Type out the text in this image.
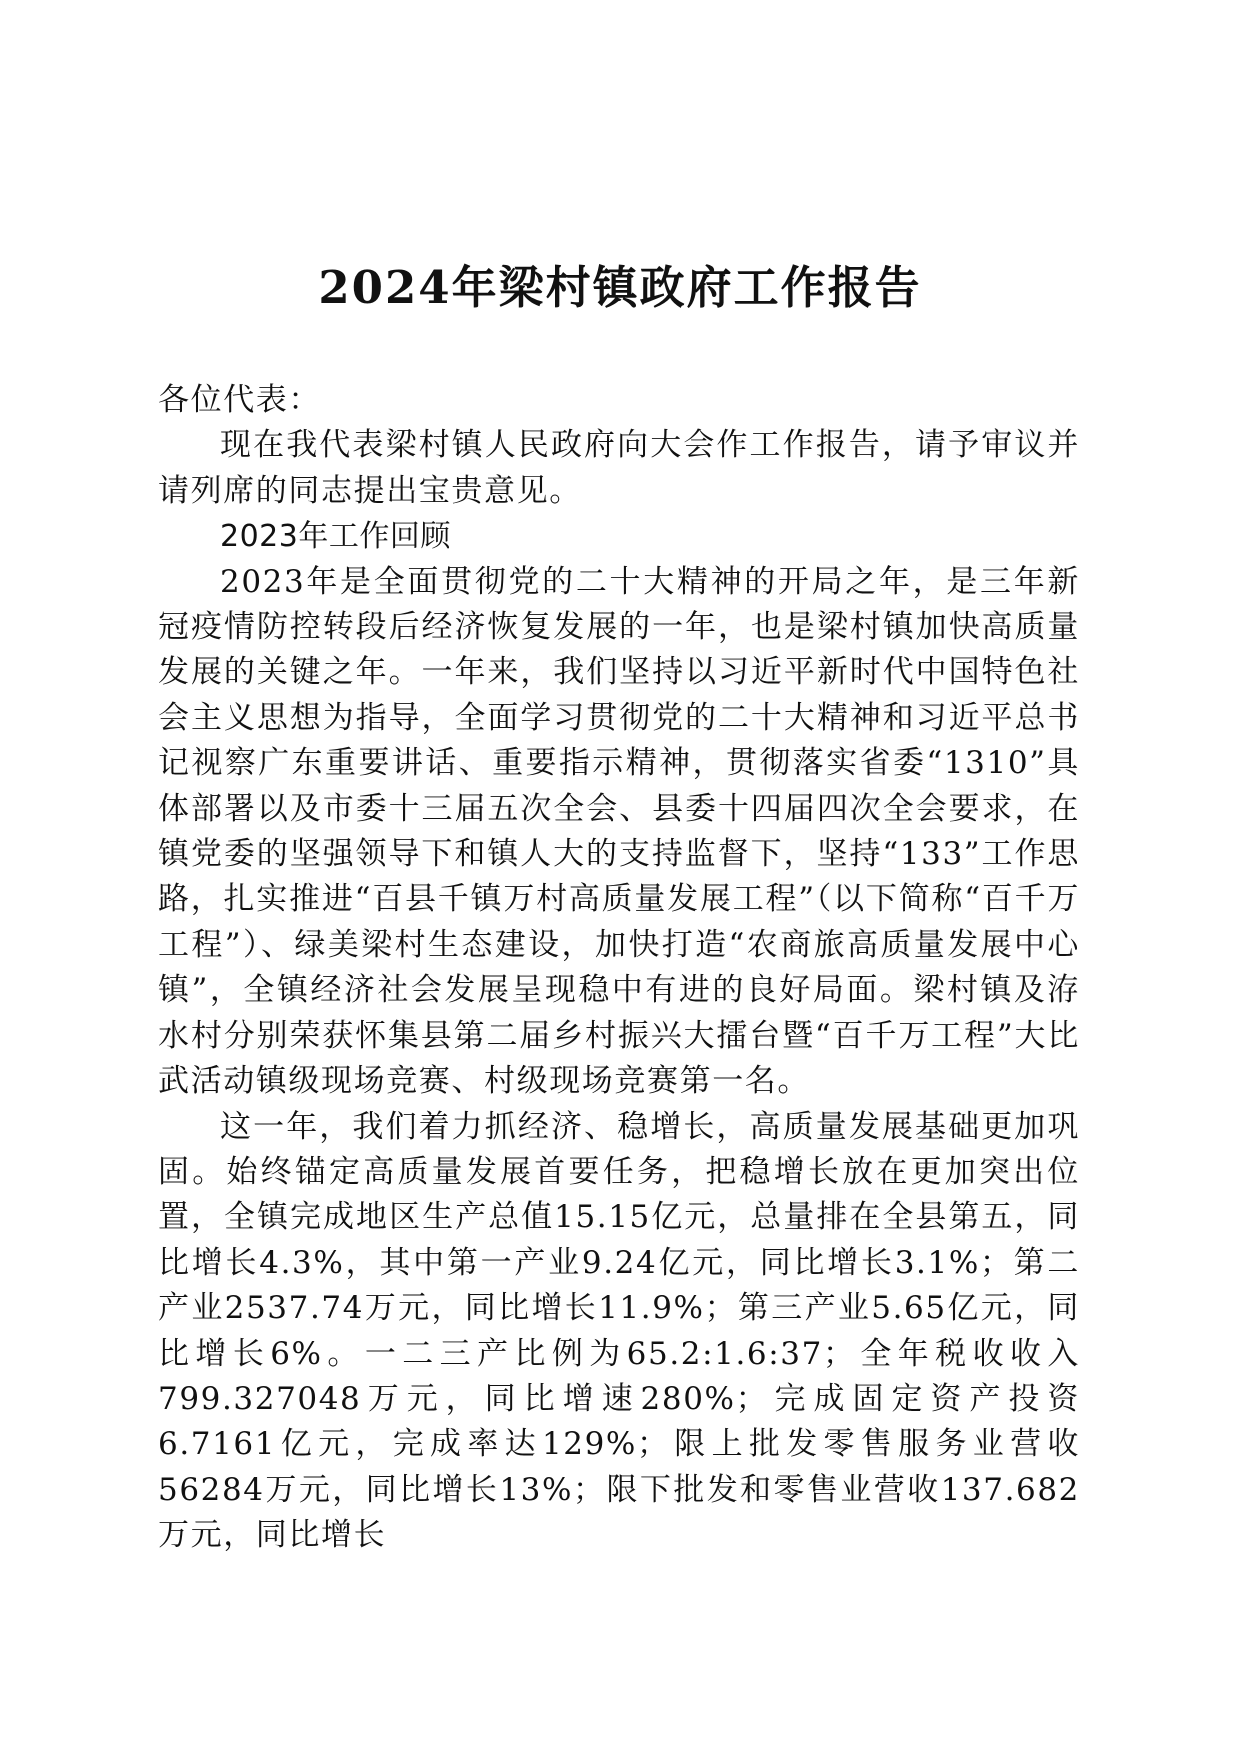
2024年梁村镇政府工作报告

各位代表：

现在我代表梁村镇人民政府向大会作工作报告，请予审议并请列席的同志提出宝贵意见。

2023年工作回顾

2023年是全面贯彻党的二十大精神的开局之年，是三年新冠疫情防控转段后经济恢复发展的一年，也是梁村镇加快高质量发展的关键之年。一年来，我们坚持以习近平新时代中国特色社会主义思想为指导，全面学习贯彻党的二十大精神和习近平总书记视察广东重要讲话、重要指示精神，贯彻落实省委“1310”具体部署以及市委十三届五次全会、县委十四届四次全会要求，在镇党委的坚强领导下和镇人大的支持监督下，坚持“133”工作思路，扎实推进“百县千镇万村高质量发展工程”（以下简称“百千万工程”）、绿美梁村生态建设，加快打造“农商旅高质量发展中心镇”，全镇经济社会发展呈现稳中有进的良好局面。梁村镇及洊水村分别荣获怀集县第二届乡村振兴大擂台暨“百千万工程”大比武活动镇级现场竞赛、村级现场竞赛第一名。

这一年，我们着力抓经济、稳增长，高质量发展基础更加巩固。始终锚定高质量发展首要任务，把稳增长放在更加突出位置，全镇完成地区生产总值15.15亿元，总量排在全县第五，同比增长4.3%，其中第一产业9.24亿元，同比增长3.1%；第二产业2537.74万元，同比增长11.9%；第三产业5.65亿元，同比增长6%。一二三产比例为65.2:1.6:37；全年税收收入799.327048万元，同比增速280%；完成固定资产投资6.7161亿元，完成率达129%；限上批发零售服务业营收56284万元，同比增长13%；限下批发和零售业营收137.682万元，同比增长
